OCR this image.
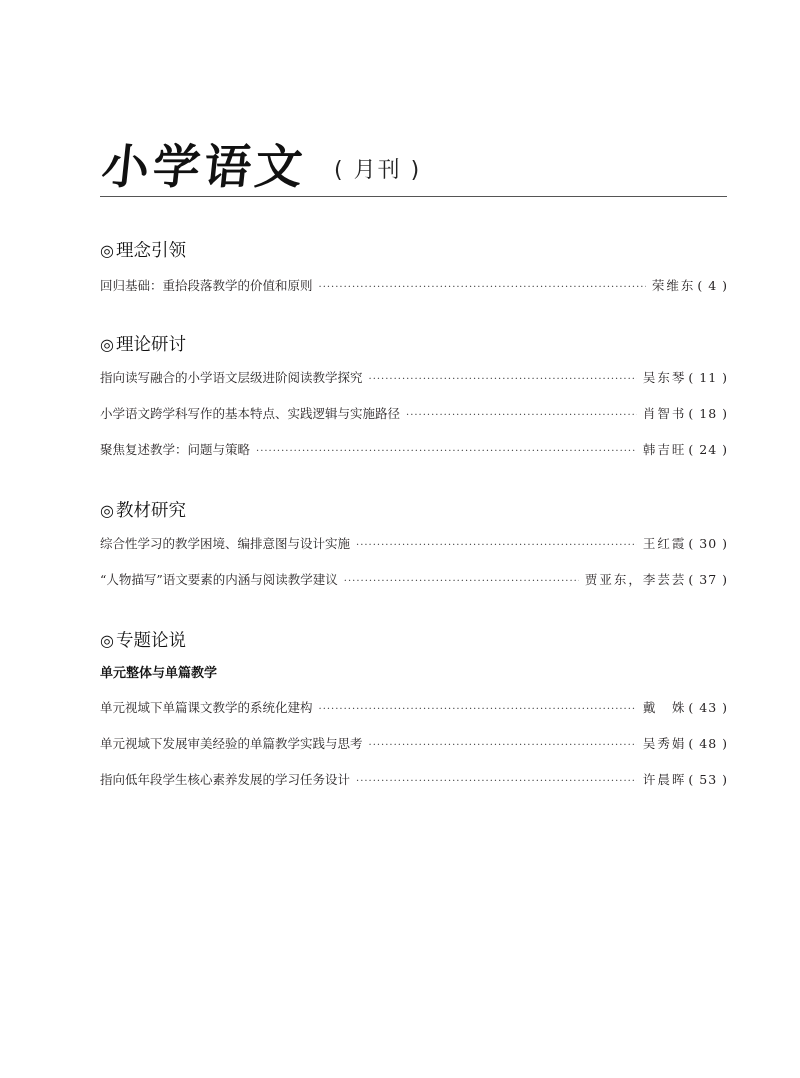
小学语文 ( 月刊 )
◎ 理念引领
回归基础：重拾段落教学的价值和原则 ·····	荣维东 ( 4 )
◎ 理论研讨
指向读写融合的小学语文层级进阶阅读教学探究 ·····	吴东琴 ( 11 )
小学语文跨学科写作的基本特点、实践逻辑与实施路径 ·····	肖智书 ( 18 )
聚焦复述教学：问题与策略 ·····	韩吉旺 ( 24 )
◎ 教材研究
综合性学习的教学困境、编排意图与设计实施 ·····	王红霞 ( 30 )
“人物描写”语文要素的内涵与阅读教学建议 ·····	贾亚东，李芸芸 ( 37 )
◎ 专题论说
单元整体与单篇教学
单元视域下单篇课文教学的系统化建构 ·····	戴　姝 ( 43 )
单元视域下发展审美经验的单篇教学实践与思考 ·····	吴秀娟 ( 48 )
指向低年段学生核心素养发展的学习任务设计 ·····	许晨晖 ( 53 )
